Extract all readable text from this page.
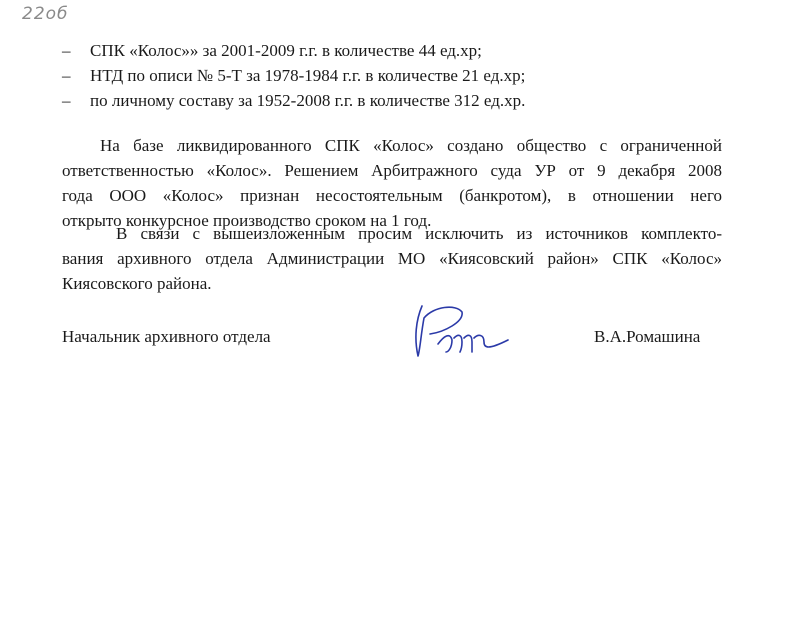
22об
– СПК «Колос»» за 2001-2009 г.г. в количестве 44 ед.хр;
– НТД по описи № 5-Т за 1978-1984 г.г. в количестве 21 ед.хр;
– по личному составу за 1952-2008 г.г. в количестве 312 ед.хр.

На базе ликвидированного СПК «Колос» создано общество с ограниченной
ответственностью «Колос». Решением Арбитражного суда УР от 9 декабря 2008
года ООО «Колос» признан несостоятельным (банкротом), в отношении него
открыто конкурсное производство сроком на 1 год.

В связи с вышеизложенным просим исключить из источников комплекто-
вания архивного отдела Администрации МО «Киясовский район» СПК «Колос»
Киясовского района.

Начальник архивного отдела	В.А.Ромашина
